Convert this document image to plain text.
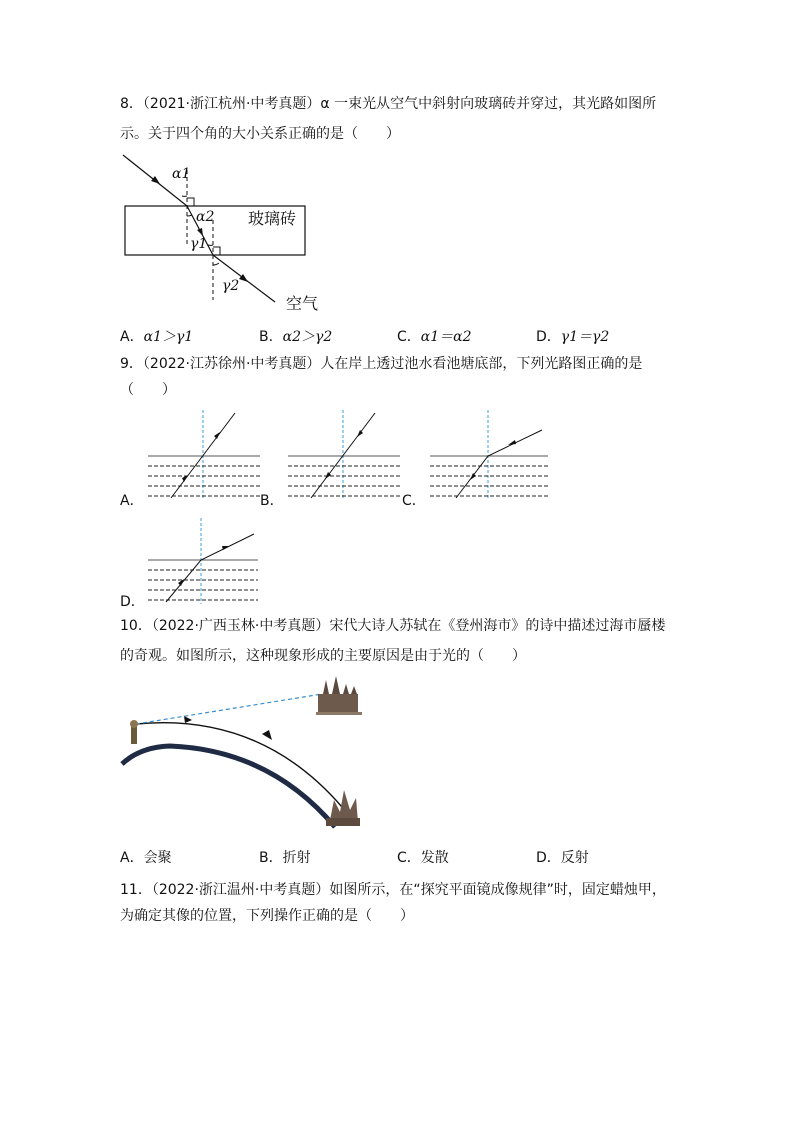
8．（2021·浙江杭州·中考真题）α 一束光从空气中斜射向玻璃砖并穿过，其光路如图所
示。关于四个角的大小关系正确的是（　　）
α1
α2
γ1
γ2
玻璃砖
空气
A．α1＞γ1	B．α2＞γ2	C．α1＝α2	D．γ1＝γ2
9．（2022·江苏徐州·中考真题）人在岸上透过池水看池塘底部，下列光路图正确的是
（　　）
A．	B．	C．
D．
10．（2022·广西玉林·中考真题）宋代大诗人苏轼在《登州海市》的诗中描述过海市蜃楼
的奇观。如图所示，这种现象形成的主要原因是由于光的（　　）
A．会聚	B．折射	C．发散	D．反射
11．（2022·浙江温州·中考真题）如图所示，在“探究平面镜成像规律”时，固定蜡烛甲，
为确定其像的位置，下列操作正确的是（　　）
